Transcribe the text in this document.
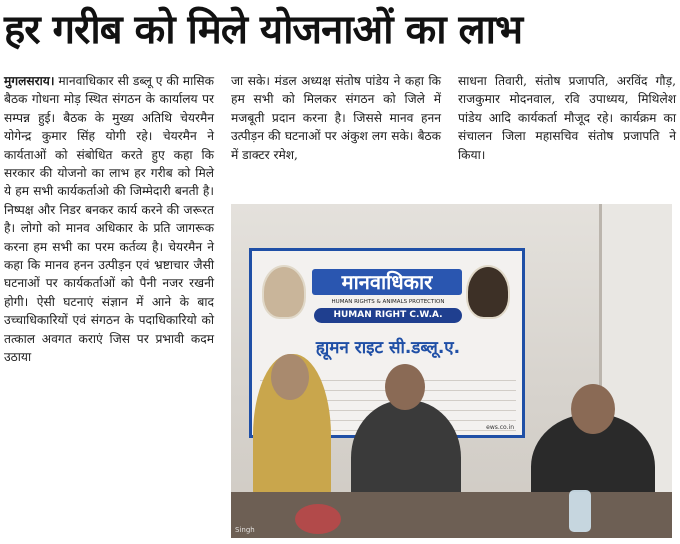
हर गरीब को मिले योजनाओं का लाभ
मुगलसराय। मानवाधिकार सी डब्लू ए की मासिक बैठक गोधना मोड़ स्थित संगठन के कार्यालय पर सम्पन्न हुई। बैठक के मुख्य अतिथि चेयरमैन योगेन्द्र कुमार सिंह योगी रहे। चेयरमैन ने कार्यताओं को संबोधित करते हुए कहा कि सरकार की योजनो का लाभ हर गरीब को मिले ये हम सभी कार्यकर्ताओ की जिम्मेदारी बनती है। निष्पक्ष और निडर बनकर कार्य करने की जरूरत है। लोगो को मानव अधिकार के प्रति जागरूक करना हम सभी का परम कर्तव्य है। चेयरमैन ने कहा कि मानव हनन उत्पीड़न एवं भ्रष्टाचार जैसी घटनाओं पर कार्यकर्ताओं को पैनी नजर रखनी होगी। ऐसी घटनाएं संज्ञान में आने के बाद उच्चाधिकारियों एवं संगठन के पदाधिकारियो को तत्काल अवगत कराएं जिस पर प्रभावी कदम उठाया
जा सके। मंडल अध्यक्ष संतोष पांडेय ने कहा कि हम सभी को मिलकर संगठन को जिले में मजबूती प्रदान करना है। जिससे मानव हनन उत्पीड़न की घटनाओं पर अंकुश लग सके। बैठक में डाक्टर रमेश,
साधना तिवारी, संतोष प्रजापति, अरविंद गौड़, राजकुमार मोदनवाल, रवि उपाध्यय, मिथिलेश पांडेय आदि कार्यकर्ता मौजूद रहे। कार्यक्रम का संचालन जिला महासचिव संतोष प्रजापति ने किया।
मानवाधिकार
HUMAN RIGHTS & ANIMALS PROTECTION
HUMAN RIGHT C.W.A.
ह्यूमन राइट सी.डब्लू.ए.
ews.co.in
Singh
